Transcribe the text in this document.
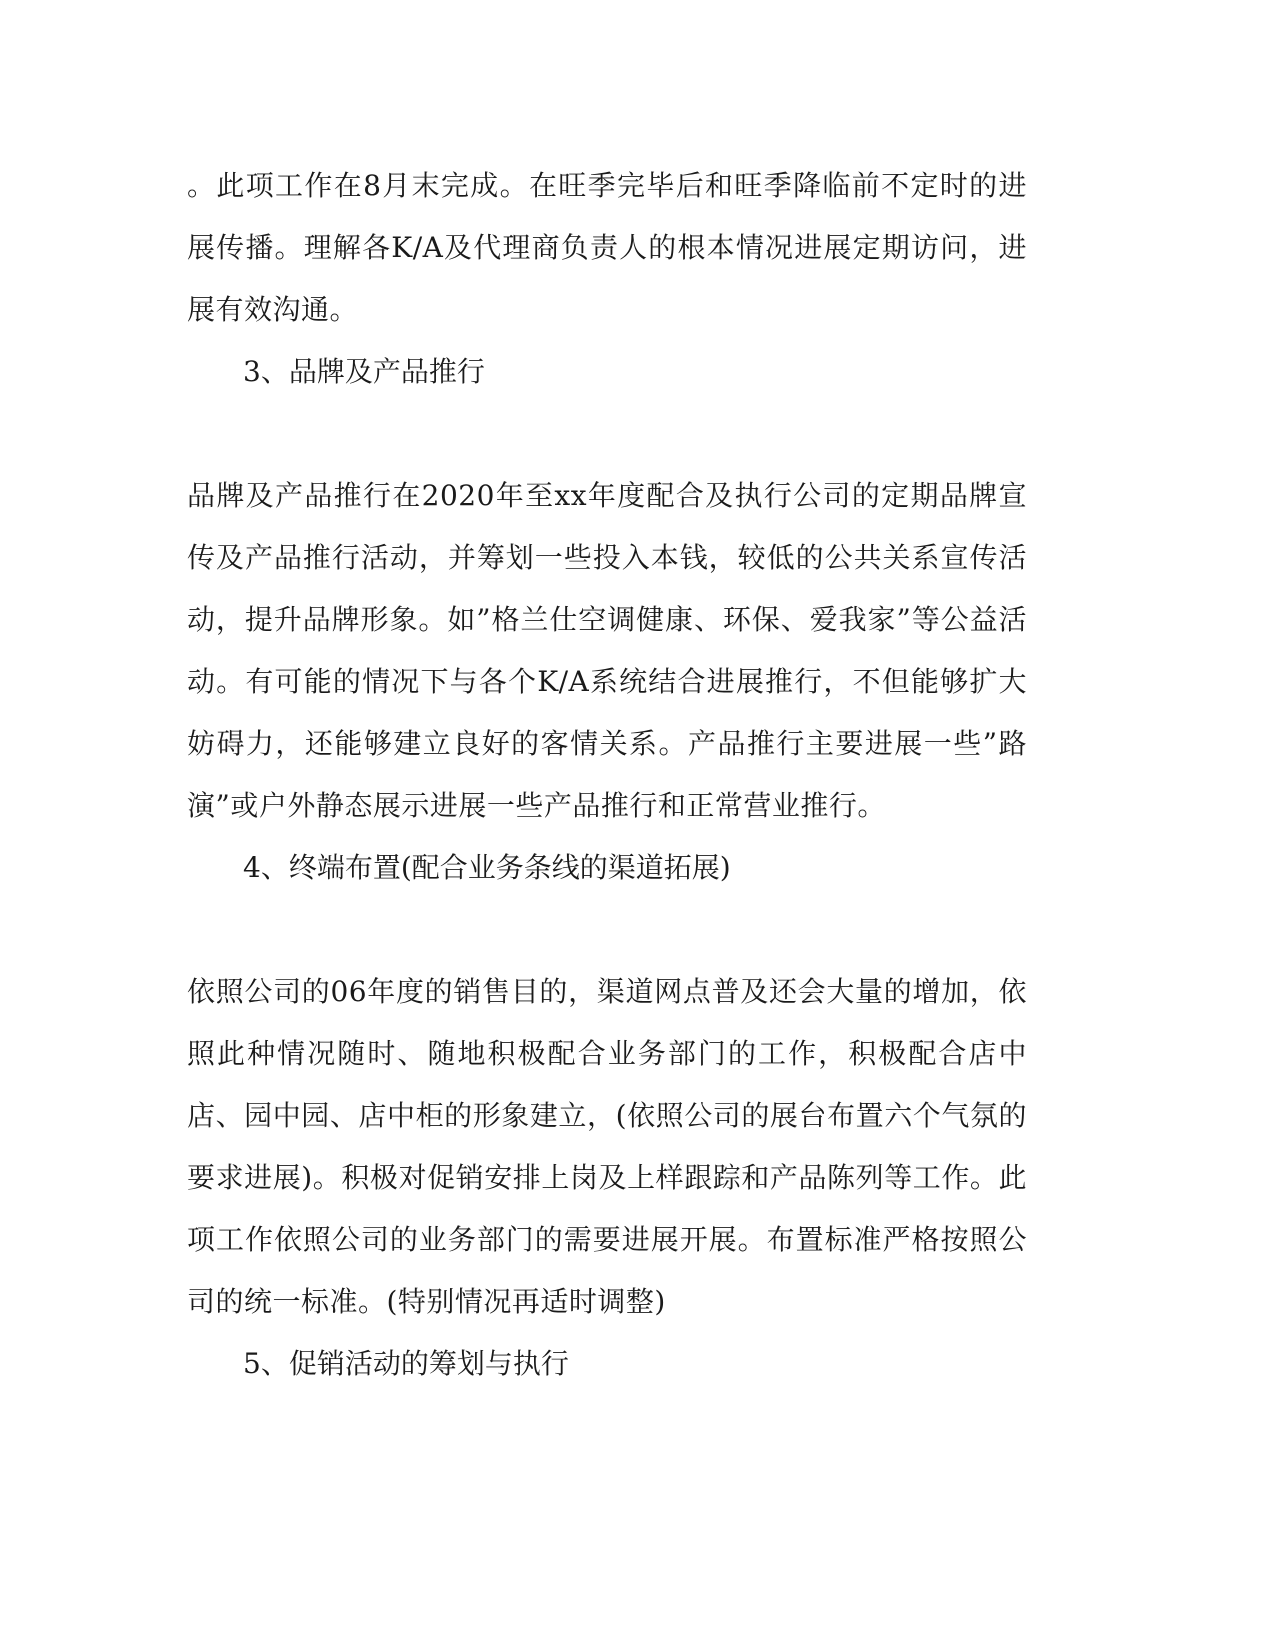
。此项工作在8月末完成。在旺季完毕后和旺季降临前不定时的进展传播。理解各K/A及代理商负责人的根本情况进展定期访问，进展有效沟通。

3、品牌及产品推行

品牌及产品推行在2020年至xx年度配合及执行公司的定期品牌宣传及产品推行活动，并筹划一些投入本钱，较低的公共关系宣传活动，提升品牌形象。如”格兰仕空调健康、环保、爱我家”等公益活动。有可能的情况下与各个K/A系统结合进展推行，不但能够扩大妨碍力，还能够建立良好的客情关系。产品推行主要进展一些”路演”或户外静态展示进展一些产品推行和正常营业推行。

4、终端布置(配合业务条线的渠道拓展)

依照公司的06年度的销售目的，渠道网点普及还会大量的增加，依照此种情况随时、随地积极配合业务部门的工作，积极配合店中店、园中园、店中柜的形象建立，(依照公司的展台布置六个气氛的要求进展)。积极对促销安排上岗及上样跟踪和产品陈列等工作。此项工作依照公司的业务部门的需要进展开展。布置标准严格按照公司的统一标准。(特别情况再适时调整)

5、促销活动的筹划与执行
